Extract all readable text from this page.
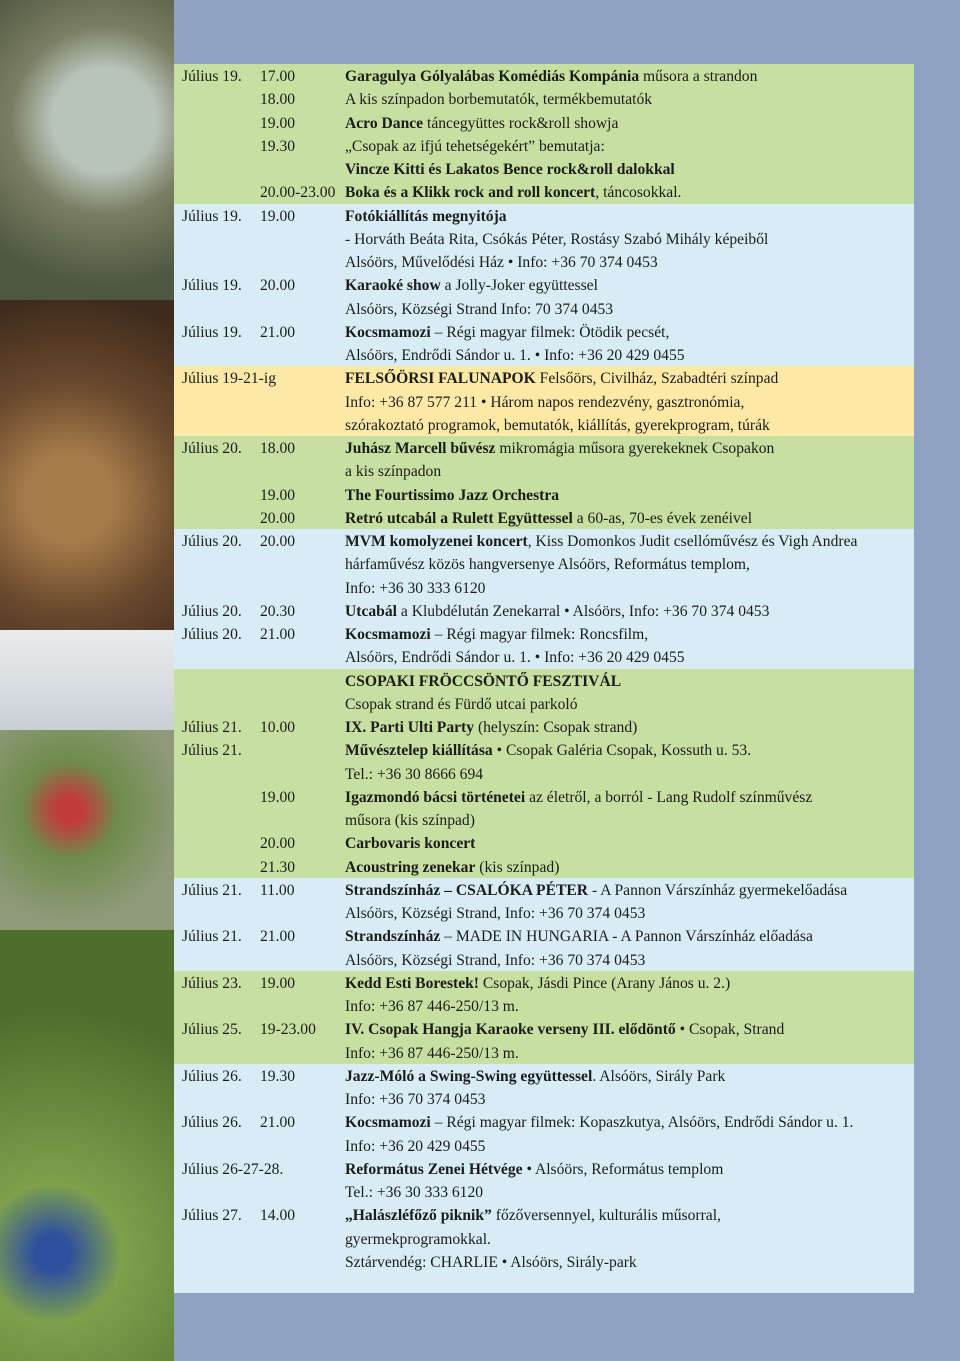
Július 19. 17.00	Garagulya Gólyalábas Komédiás Kompánia műsora a strandon
18.00	A kis színpadon borbemutatók, termékbemutatók
19.00	Acro Dance táncegyüttes rock&roll showja
19.30	„Csopak az ifjú tehetségekért” bemutatja:
Vincze Kitti és Lakatos Bence rock&roll dalokkal
20.00-23.00 Boka és a Klikk rock and roll koncert, táncosokkal.
Július 19. 19.00	Fotókiállítás megnyitója
- Horváth Beáta Rita, Csókás Péter, Rostásy Szabó Mihály képeiből
Alsóörs, Művelődési Ház • Info: +36 70 374 0453
Július 19. 20.00	Karaoké show a Jolly-Joker együttessel
Alsóörs, Községi Strand Info: 70 374 0453
Július 19. 21.00	Kocsmamozi – Régi magyar filmek: Ötödik pecsét,
Alsóörs, Endrődi Sándor u. 1. • Info: +36 20 429 0455
Július 19-21-ig	FELSŐÖRSI FALUNAPOK Felsőörs, Civilház, Szabadtéri színpad
Info: +36 87 577 211 • Három napos rendezvény, gasztronómia,
szórakoztató programok, bemutatók, kiállítás, gyerekprogram, túrák
Július 20. 18.00	Juhász Marcell bűvész mikromágia műsora gyerekeknek Csopakon
a kis színpadon
19.00	The Fourtissimo Jazz Orchestra
20.00	Retró utcabál a Rulett Együttessel a 60-as, 70-es évek zenéivel
Július 20. 20.00	MVM komolyzenei koncert, Kiss Domonkos Judit csellóművész és Vigh Andrea
hárfaművész közös hangversenye Alsóörs, Református templom,
Info: +36 30 333 6120
Július 20. 20.30	Utcabál a Klubdélután Zenekarral • Alsóörs, Info: +36 70 374 0453
Július 20. 21.00	Kocsmamozi – Régi magyar filmek: Roncsfilm,
Alsóörs, Endrődi Sándor u. 1. • Info: +36 20 429 0455
CSOPAKI FRÖCCSÖNTŐ FESZTIVÁL
Csopak strand és Fürdő utcai parkoló
Július 21. 10.00	IX. Parti Ulti Party (helyszín: Csopak strand)
Július 21.	Művésztelep kiállítása • Csopak Galéria Csopak, Kossuth u. 53.
Tel.: +36 30 8666 694
19.00	Igazmondó bácsi történetei az életről, a borról - Lang Rudolf színművész
műsora (kis színpad)
20.00	Carbovaris koncert
21.30	Acoustring zenekar (kis színpad)
Július 21. 11.00	Strandszínház – CSALÓKA PÉTER - A Pannon Várszínház gyermekelőadása
Alsóörs, Községi Strand, Info: +36 70 374 0453
Július 21. 21.00	Strandszínház – MADE IN HUNGARIA - A Pannon Várszínház előadása
Alsóörs, Községi Strand, Info: +36 70 374 0453
Július 23. 19.00	Kedd Esti Borestek! Csopak, Jásdi Pince (Arany János u. 2.)
Info: +36 87 446-250/13 m.
Július 25. 19-23.00 IV. Csopak Hangja Karaoke verseny III. elődöntő • Csopak, Strand
Info: +36 87 446-250/13 m.
Július 26. 19.30	Jazz-Móló a Swing-Swing együttessel. Alsóörs, Sirály Park
Info: +36 70 374 0453
Július 26. 21.00	Kocsmamozi – Régi magyar filmek: Kopaszkutya, Alsóörs, Endrődi Sándor u. 1.
Info: +36 20 429 0455
Július 26-27-28.	Református Zenei Hétvége • Alsóörs, Református templom
Tel.: +36 30 333 6120
Július 27. 14.00	„Halászléfőző piknik” főzőversennyel, kulturális műsorral,
gyermekprogramokkal.
Sztárvendég: CHARLIE • Alsóörs, Sirály-park
